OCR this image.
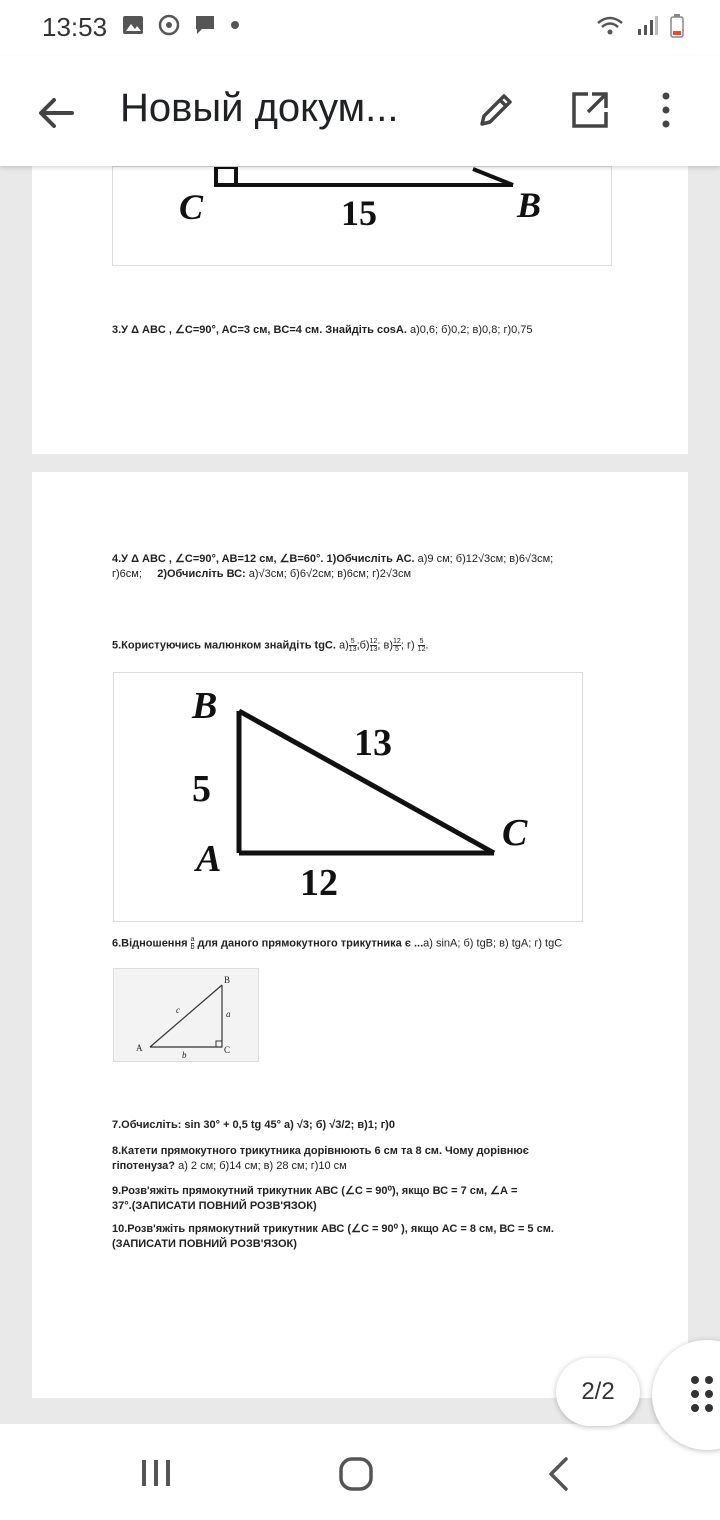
13:53
Новый докум...
C	15	B
3.У Δ ABC , ∠C=90°, AC=3 см, BC=4 см. Знайдіть cosA. а)0,6; б)0,2; в)0,8; г)0,75
4.У Δ ABC , ∠C=90°, AB=12 см, ∠B=60°. 1)Обчисліть АС. а)9 см; б)12√3см; в)6√3см;
г)6см; 2)Обчисліть ВС: а)√3см; б)6√2см; в)6см; г)2√3см
5.Користуючись малюнком знайдіть tgC. $а) \frac{5}{13}$ ;б) $\frac{12}{13}$ ; $в) \frac{12}{5}$ ; $г) \frac{5}{12}$ .
B
5
13
A
C
12
6.Відношення $\frac{a}{b}$ для даного прямокутного трикутника є ...а) sinA; б) tgB; в) tgA; г) tgC
B
A	C
a
b
c
7.Обчисліть: sin 30° + 0,5 tg 45° а) √3; б) √3/2; в)1; г)0
8.Катети прямокутного трикутника дорівнюють 6 см та 8 см. Чому дорівнює гіпотенуза? а) 2 см; б)14 см; в) 28 см; г)10 см
9.Розв'яжіть прямокутний трикутник АВС (∠С = 90⁰), якщо ВС = 7 см, ∠А =
37°.(ЗАПИСАТИ ПОВНИЙ РОЗВ'ЯЗОК)
10.Розв'яжіть прямокутний трикутник АВС (∠С = 90⁰ ), якщо АС = 8 см, ВС = 5 см.
(ЗАПИСАТИ ПОВНИЙ РОЗВ'ЯЗОК)
2/2
